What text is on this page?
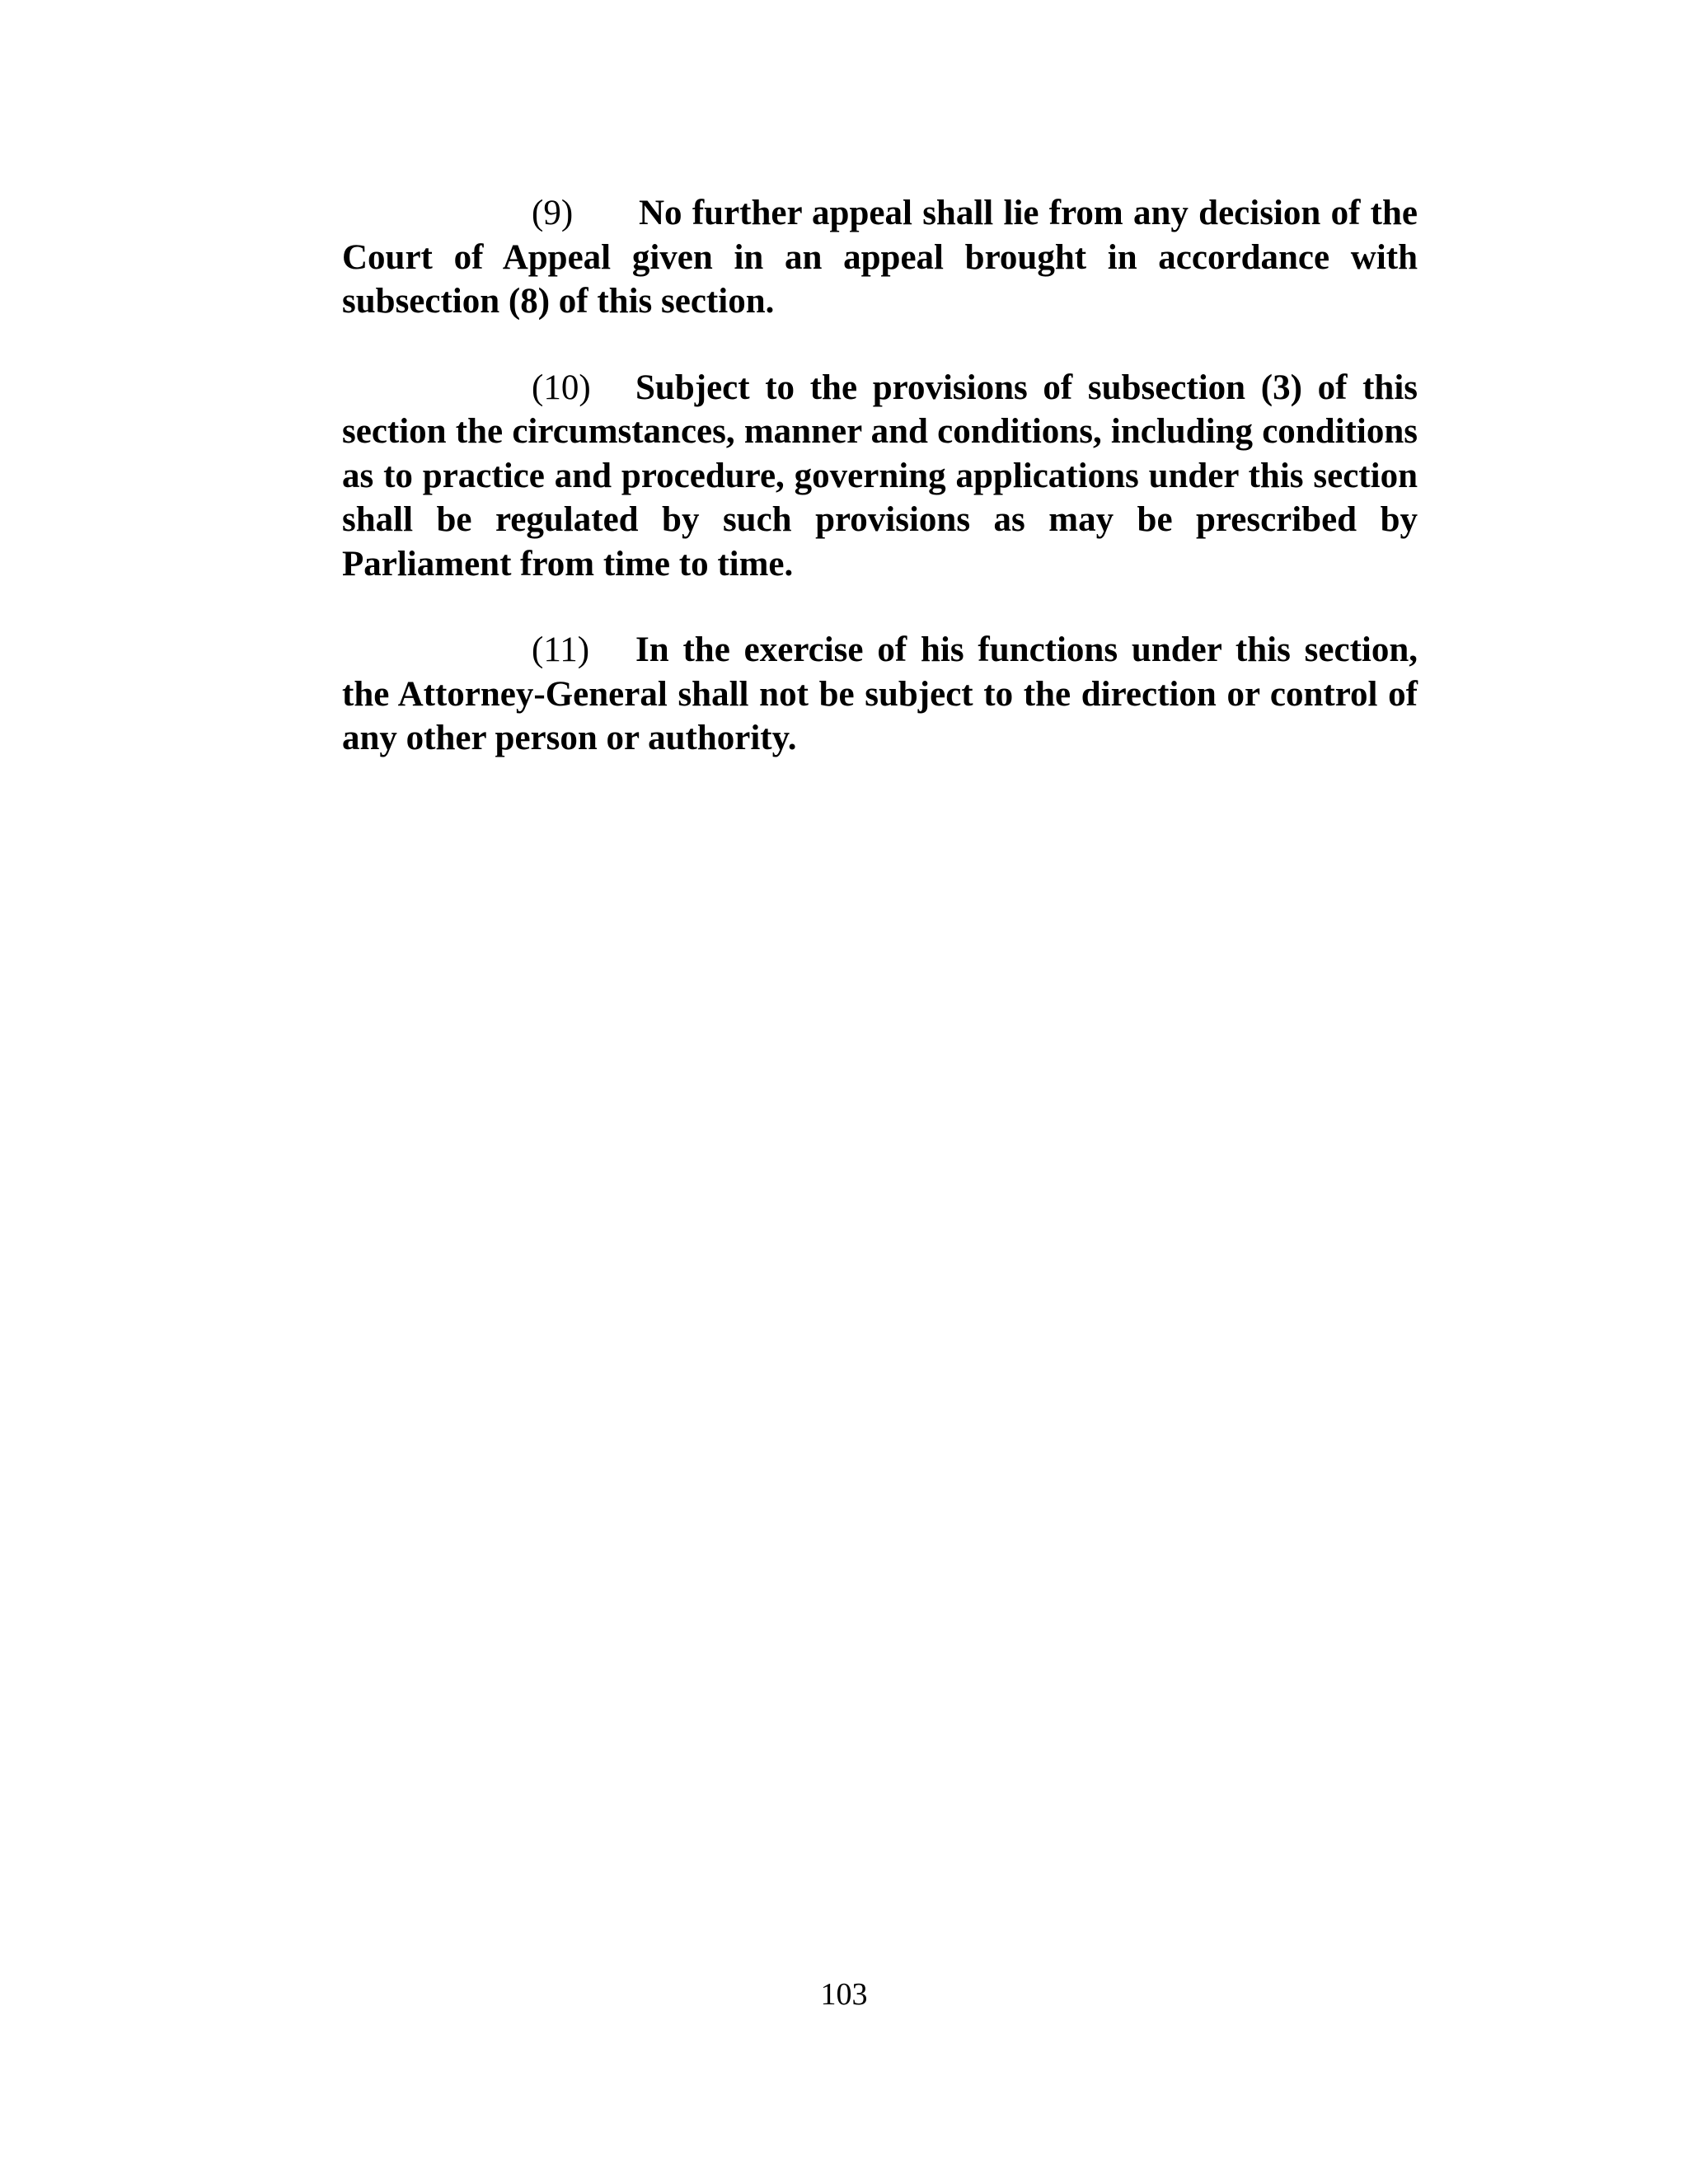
(9) No further appeal shall lie from any decision of the Court of Appeal given in an appeal brought in accordance with subsection (8) of this section.

(10) Subject to the provisions of subsection (3) of this section the circumstances, manner and conditions, including conditions as to practice and procedure, governing applications under this section shall be regulated by such provisions as may be prescribed by Parliament from time to time.

(11) In the exercise of his functions under this section, the Attorney-General shall not be subject to the direction or control of any other person or authority.

103
